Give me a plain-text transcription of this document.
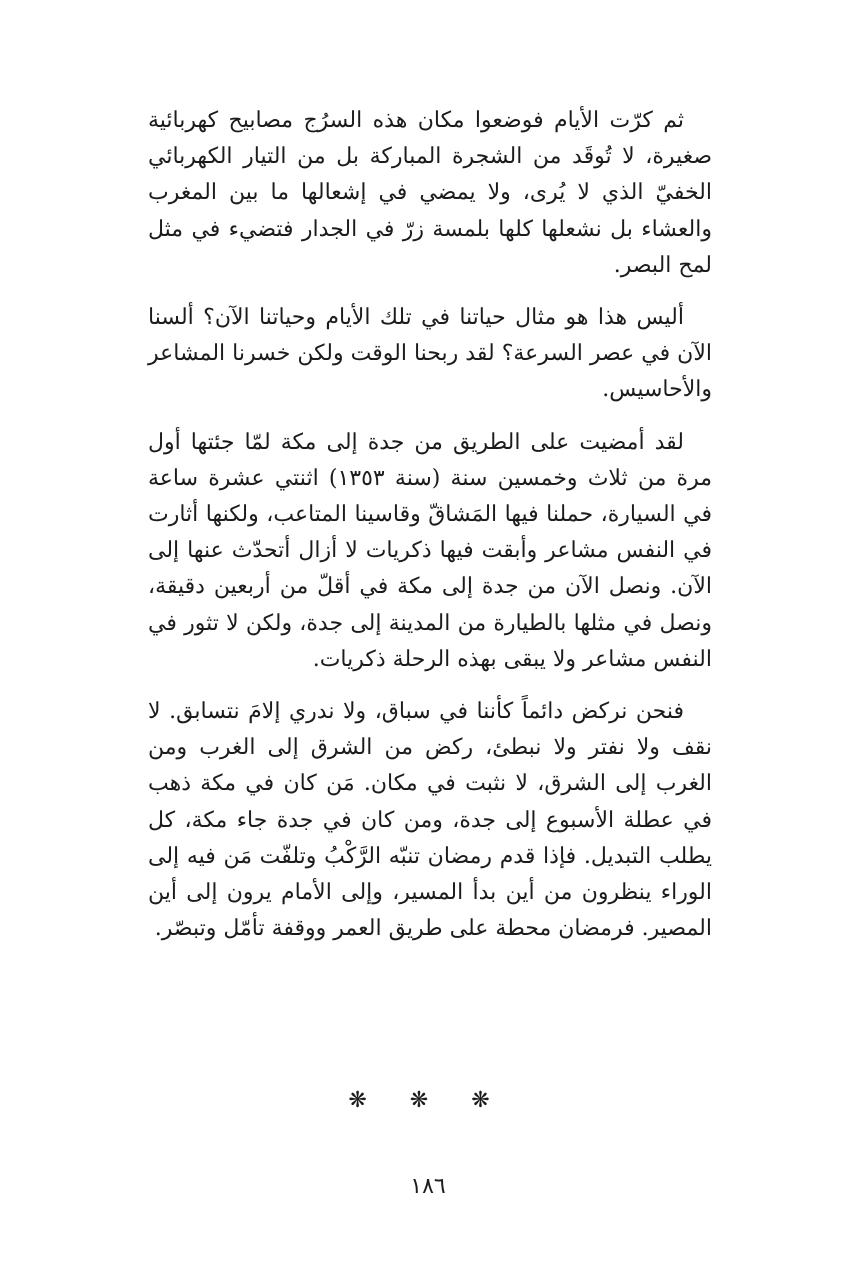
ثم كرّت الأيام فوضعوا مكان هذه السرُج مصابيح كهربائية صغيرة، لا تُوقَد من الشجرة المباركة بل من التيار الكهربائي الخفيّ الذي لا يُرى، ولا يمضي في إشعالها ما بين المغرب والعشاء بل نشعلها كلها بلمسة زرّ في الجدار فتضيء في مثل لمح البصر.

أليس هذا هو مثال حياتنا في تلك الأيام وحياتنا الآن؟ ألسنا الآن في عصر السرعة؟ لقد ربحنا الوقت ولكن خسرنا المشاعر والأحاسيس.

لقد أمضيت على الطريق من جدة إلى مكة لمّا جئتها أول مرة من ثلاث وخمسين سنة (سنة ١٣٥٣) اثنتي عشرة ساعة في السيارة، حملنا فيها المَشاقّ وقاسينا المتاعب، ولكنها أثارت في النفس مشاعر وأبقت فيها ذكريات لا أزال أتحدّث عنها إلى الآن. ونصل الآن من جدة إلى مكة في أقلّ من أربعين دقيقة، ونصل في مثلها بالطيارة من المدينة إلى جدة، ولكن لا تثور في النفس مشاعر ولا يبقى بهذه الرحلة ذكريات.

فنحن نركض دائماً كأننا في سباق، ولا ندري إلامَ نتسابق. لا نقف ولا نفتر ولا نبطئ، ركض من الشرق إلى الغرب ومن الغرب إلى الشرق، لا نثبت في مكان. مَن كان في مكة ذهب في عطلة الأسبوع إلى جدة، ومن كان في جدة جاء مكة، كل يطلب التبديل. فإذا قدم رمضان تنبّه الرَّكْبُ وتلفّت مَن فيه إلى الوراء ينظرون من أين بدأ المسير، وإلى الأمام يرون إلى أين المصير. فرمضان محطة على طريق العمر ووقفة تأمّل وتبصّر.

❋ ❋ ❋
١٨٦
